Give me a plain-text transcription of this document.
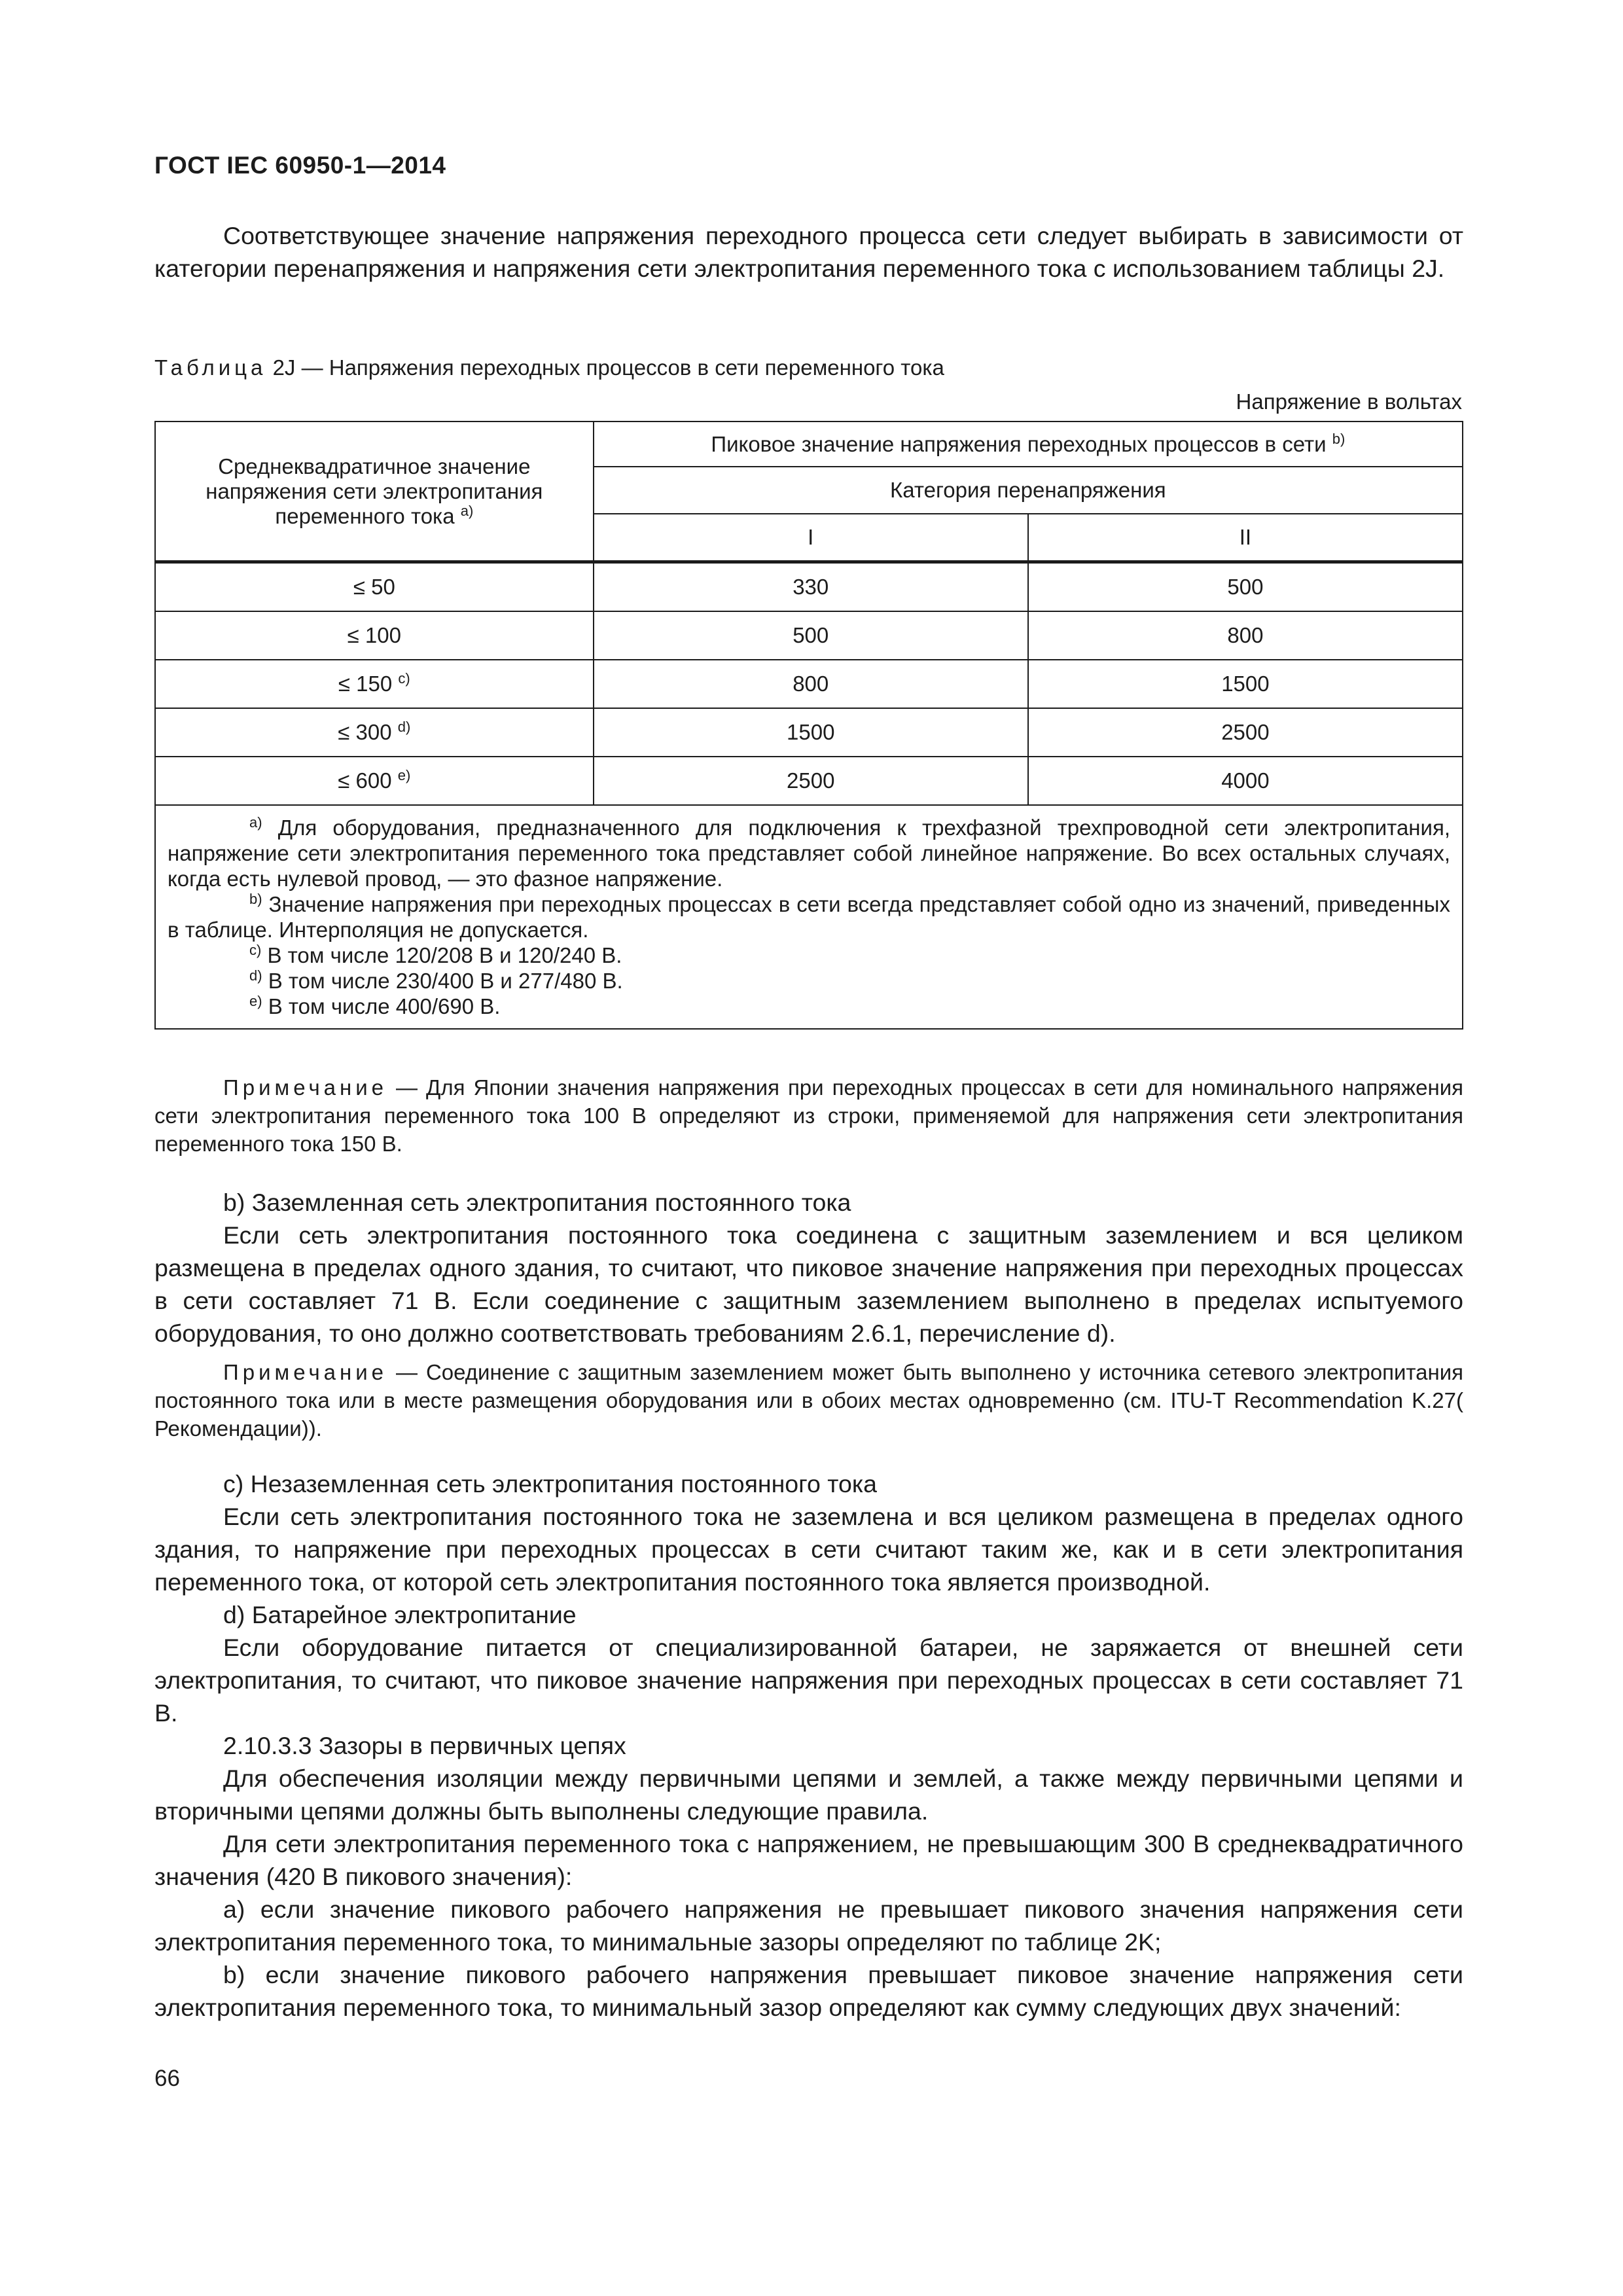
ГОСТ IEC 60950-1—2014
Соответствующее значение напряжения переходного процесса сети следует выбирать в зависимости от категории перенапряжения и напряжения сети электропитания переменного тока с использованием таблицы 2J.
Таблица 2J — Напряжения переходных процессов в сети переменного тока
Напряжение в вольтах
Среднеквадратичное значение напряжения сети электропитания переменного тока $^{a)}$	Пиковое значение напряжения переходных процессов в сети $^{b)}$
	Категория перенапряжения	
	I	II
≤ 50	330	500
≤ 100	500	800
≤ 150 $^{c)}$	800	1500
≤ 300 $^{d)}$	1500	2500
≤ 600 $^{e)}$	2500	4000

$^{a)}$ Для оборудования, предназначенного для подключения к трехфазной трехпроводной сети электропитания, напряжение сети электропитания переменного тока представляет собой линейное напряжение. Во всех остальных случаях, когда есть нулевой провод, — это фазное напряжение.
$^{b)}$ Значение напряжения при переходных процессах в сети всегда представляет собой одно из значений, приведенных в таблице. Интерполяция не допускается.
$^{c)}$ В том числе 120/208 В и 120/240 В.
$^{d)}$ В том числе 230/400 В и 277/480 В.
$^{e)}$ В том числе 400/690 В.		
Примечание — Для Японии значения напряжения при переходных процессах в сети для номинального напряжения сети электропитания переменного тока 100 В определяют из строки, применяемой для напряжения сети электропитания переменного тока 150 В.

b) Заземленная сеть электропитания постоянного тока

Если сеть электропитания постоянного тока соединена с защитным заземлением и вся целиком размещена в пределах одного здания, то считают, что пиковое значение напряжения при переходных процессах в сети составляет 71 В. Если соединение с защитным заземлением выполнено в пределах испытуемого оборудования, то оно должно соответствовать требованиям 2.6.1, перечисление d).

Примечание — Соединение с защитным заземлением может быть выполнено у источника сетевого электропитания постоянного тока или в месте размещения оборудования или в обоих местах одновременно (см. ITU-T Recommendation K.27( Рекомендации)).

c) Незаземленная сеть электропитания постоянного тока

Если сеть электропитания постоянного тока не заземлена и вся целиком размещена в пределах одного здания, то напряжение при переходных процессах в сети считают таким же, как и в сети электропитания переменного тока, от которой сеть электропитания постоянного тока является производной.

d) Батарейное электропитание

Если оборудование питается от специализированной батареи, не заряжается от внешней сети электропитания, то считают, что пиковое значение напряжения при переходных процессах в сети составляет 71 В.

2.10.3.3 Зазоры в первичных цепях

Для обеспечения изоляции между первичными цепями и землей, а также между первичными цепями и вторичными цепями должны быть выполнены следующие правила.

Для сети электропитания переменного тока с напряжением, не превышающим 300 В среднеквадратичного значения (420 В пикового значения):

a) если значение пикового рабочего напряжения не превышает пикового значения напряжения сети электропитания переменного тока, то минимальные зазоры определяют по таблице 2K;

b) если значение пикового рабочего напряжения превышает пиковое значение напряжения сети электропитания переменного тока, то минимальный зазор определяют как сумму следующих двух значений:

66
